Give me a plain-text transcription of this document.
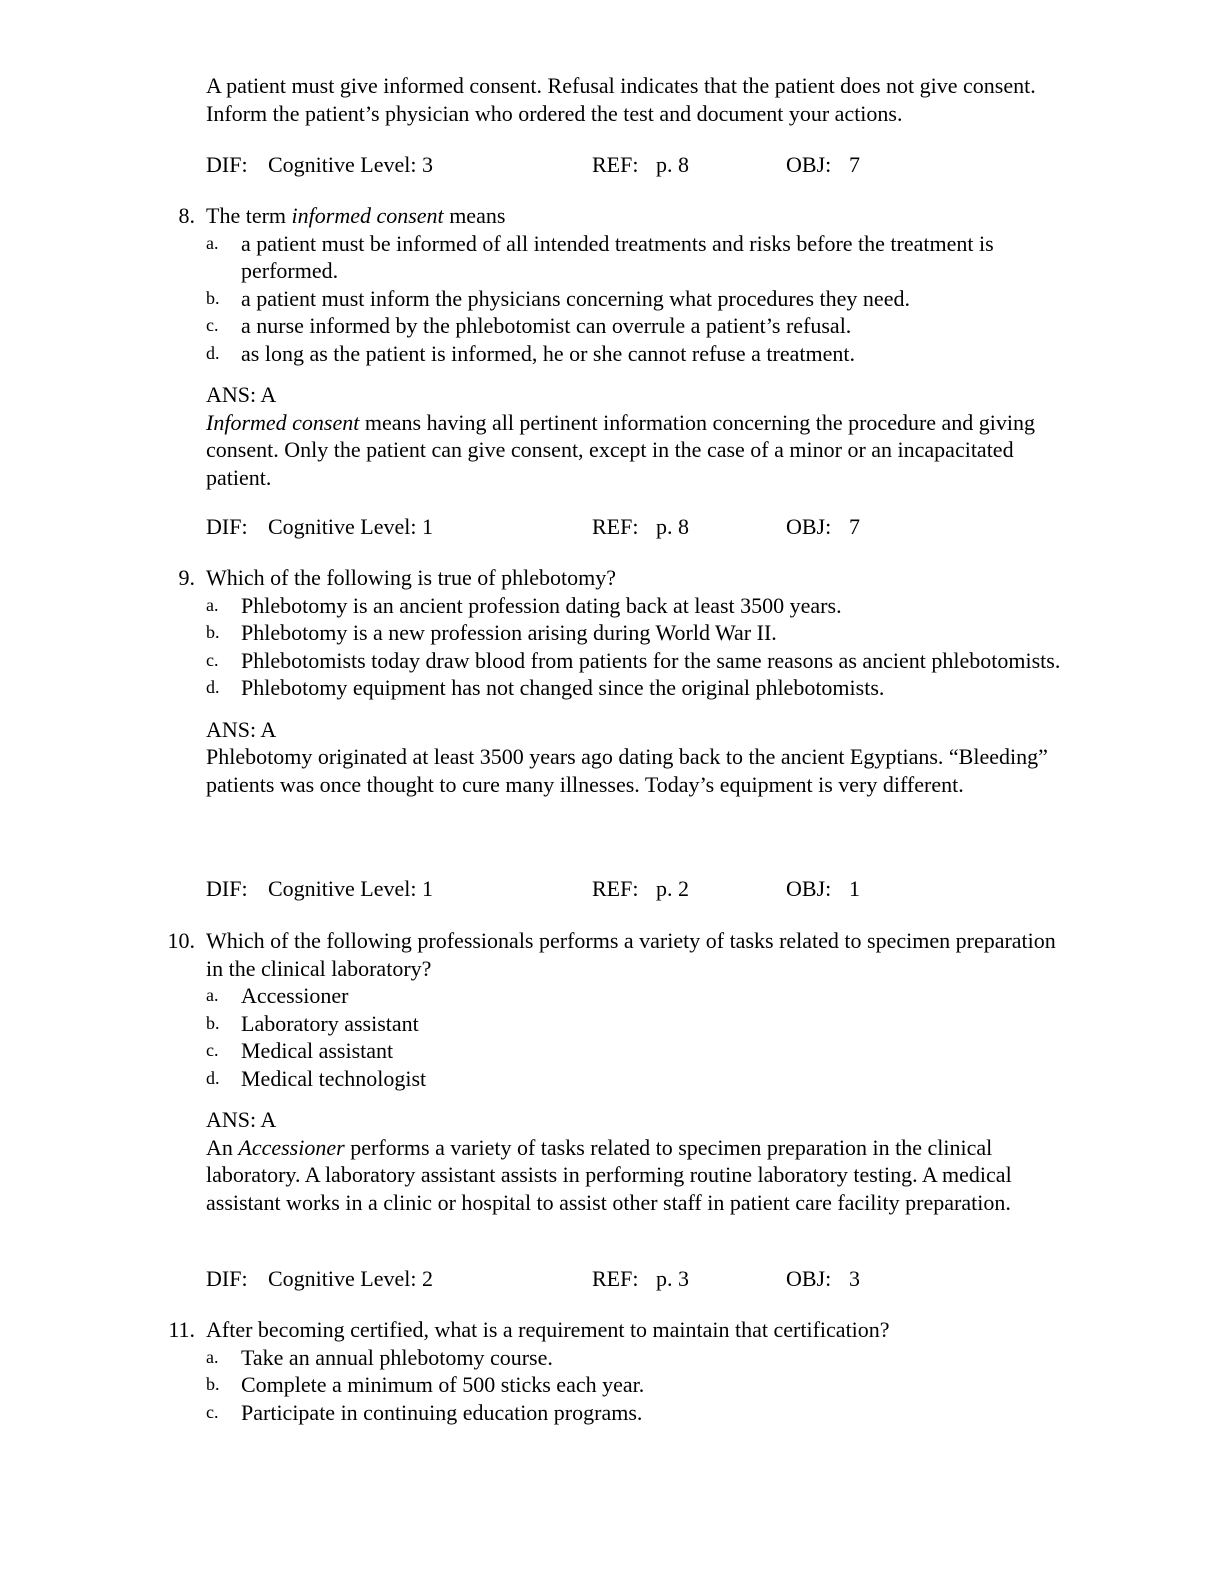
A patient must give informed consent. Refusal indicates that the patient does not give consent. Inform the patient’s physician who ordered the test and document your actions.
DIF: Cognitive Level: 3	REF: p. 8	OBJ: 7
8. The term informed consent means
a. a patient must be informed of all intended treatments and risks before the treatment is performed.
b. a patient must inform the physicians concerning what procedures they need.
c. a nurse informed by the phlebotomist can overrule a patient’s refusal.
d. as long as the patient is informed, he or she cannot refuse a treatment.
ANS: A
Informed consent means having all pertinent information concerning the procedure and giving consent. Only the patient can give consent, except in the case of a minor or an incapacitated patient.
DIF: Cognitive Level: 1	REF: p. 8	OBJ: 7
9. Which of the following is true of phlebotomy?
a. Phlebotomy is an ancient profession dating back at least 3500 years.
b. Phlebotomy is a new profession arising during World War II.
c. Phlebotomists today draw blood from patients for the same reasons as ancient phlebotomists.
d. Phlebotomy equipment has not changed since the original phlebotomists.
ANS: A
Phlebotomy originated at least 3500 years ago dating back to the ancient Egyptians. “Bleeding” patients was once thought to cure many illnesses. Today’s equipment is very different.
DIF: Cognitive Level: 1	REF: p. 2	OBJ: 1
10. Which of the following professionals performs a variety of tasks related to specimen preparation in the clinical laboratory?
a. Accessioner
b. Laboratory assistant
c. Medical assistant
d. Medical technologist
ANS: A
An Accessioner performs a variety of tasks related to specimen preparation in the clinical laboratory. A laboratory assistant assists in performing routine laboratory testing. A medical assistant works in a clinic or hospital to assist other staff in patient care facility preparation.
DIF: Cognitive Level: 2	REF: p. 3	OBJ: 3
11. After becoming certified, what is a requirement to maintain that certification?
a. Take an annual phlebotomy course.
b. Complete a minimum of 500 sticks each year.
c. Participate in continuing education programs.
